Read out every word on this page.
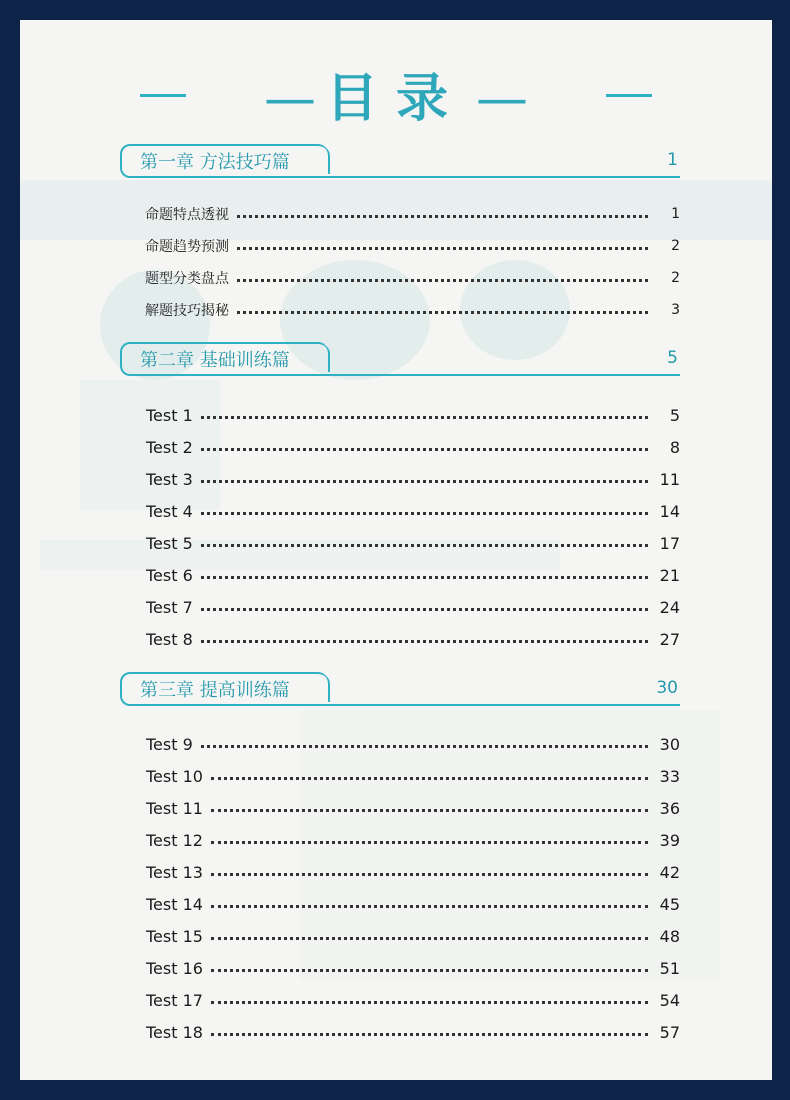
— 目录 —
第一章 方法技巧篇	1
命题特点透视	1
命题趋势预测	2
题型分类盘点	2
解题技巧揭秘	3
第二章 基础训练篇	5
Test 1	5
Test 2	8
Test 3	11
Test 4	14
Test 5	17
Test 6	21
Test 7	24
Test 8	27
第三章 提高训练篇	30
Test 9	30
Test 10	33
Test 11	36
Test 12	39
Test 13	42
Test 14	45
Test 15	48
Test 16	51
Test 17	54
Test 18	57
